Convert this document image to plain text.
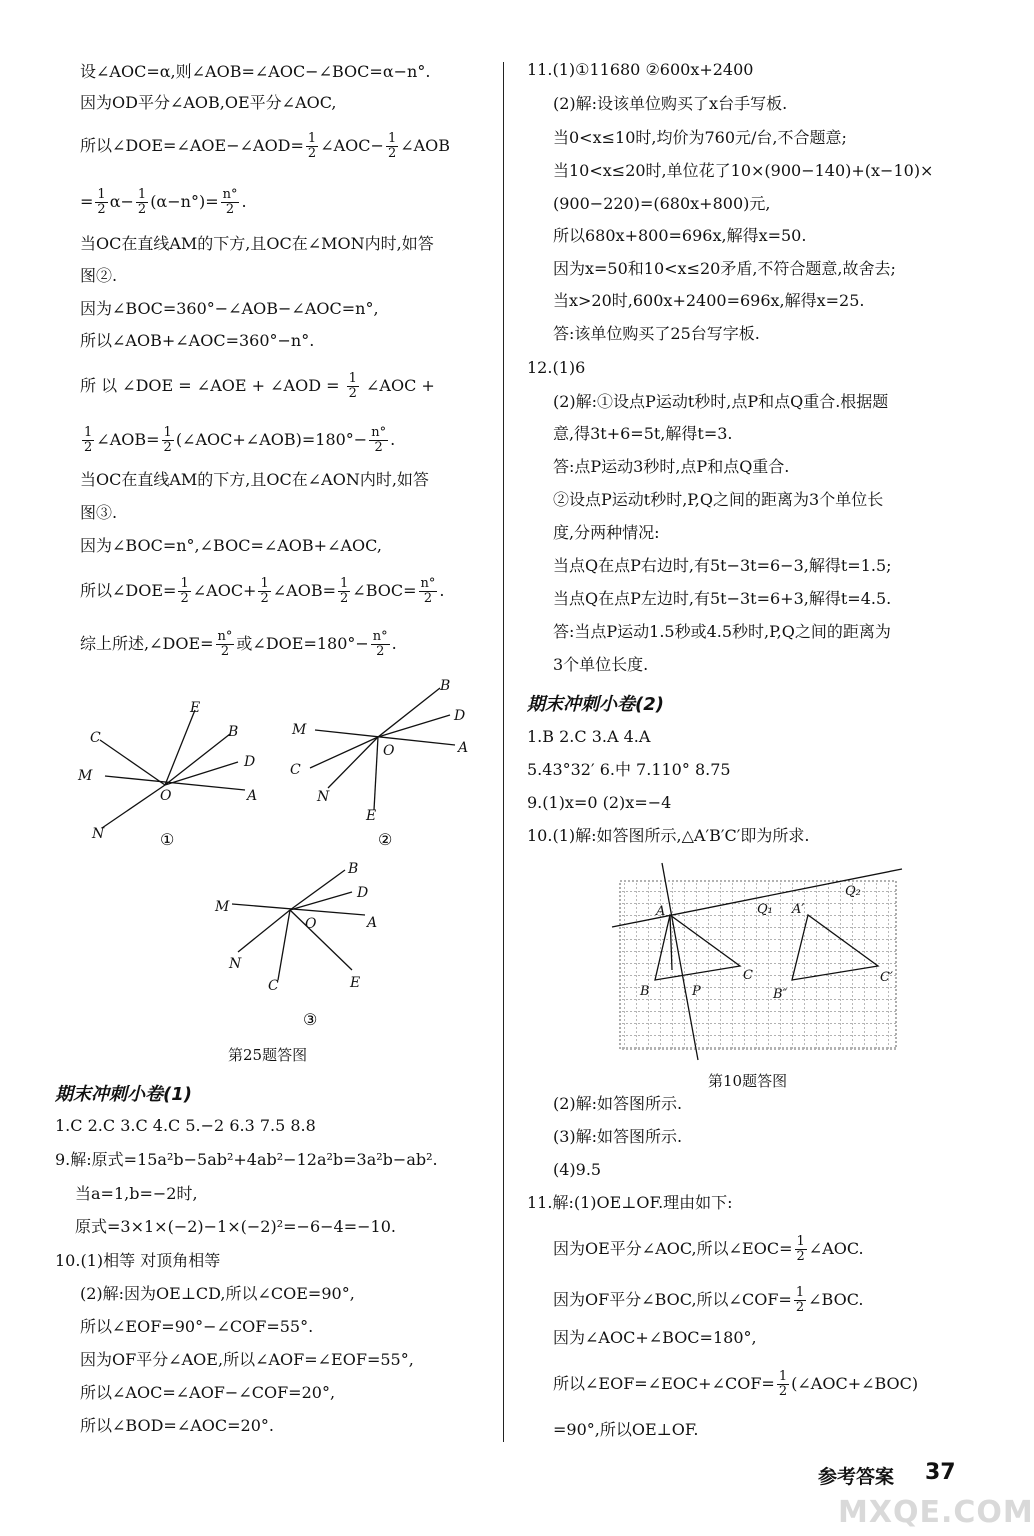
设∠AOC=α,则∠AOB=∠AOC−∠BOC=α−n°.
因为OD平分∠AOB,OE平分∠AOC,
所以∠DOE=∠AOE−∠AOD= $\frac{1}{2}$ ∠AOC− $\frac{1}{2}$ ∠AOB
= $\frac{1}{2} \alpha- \frac{1}{2} (\alpha-n^\circ)= \frac{n^\circ}{2}$ .
当OC在直线AM的下方,且OC在∠MON内时,如答
图②.
因为∠BOC=360°−∠AOB−∠AOC=n°,
所以∠AOB+∠AOC=360°−n°.
所 以 ∠DOE = ∠AOE + ∠AOD = $\frac{1}{2}$ ∠AOC +
$\frac{1}{2}$ ∠AOB= $\frac{1}{2}$ (∠AOC+∠AOB)=180°− $\frac{n^\circ}{2}$ .
当OC在直线AM的下方,且OC在∠AON内时,如答
图③.
因为∠BOC=n°,∠BOC=∠AOB+∠AOC,
所以∠DOE= $\frac{1}{2}$ ∠AOC+ $\frac{1}{2}$ ∠AOB= $\frac{1}{2}$ ∠BOC= $\frac{n^\circ}{2}$ .
综上所述,∠DOE= $\frac{n^\circ}{2}$ 或∠DOE=180°− $\frac{n^\circ}{2}$ .
C
M
E
B
D
A
O
N	①
M
B
D
A
O
C
N
E
②
M
B
D
A
O
N
C	E
③
第25题答图
期末冲刺小卷(1)
1.C 2.C 3.C 4.C 5.−2 6.3 7.5 8.8
9.解:原式=15a²b−5ab²+4ab²−12a²b=3a²b−ab².
当a=1,b=−2时,
原式=3×1×(−2)−1×(−2)²=−6−4=−10.
10.(1)相等 对顶角相等
(2)解:因为OE⊥CD,所以∠COE=90°,
所以∠EOF=90°−∠COF=55°.
因为OF平分∠AOE,所以∠AOF=∠EOF=55°,
所以∠AOC=∠AOF−∠COF=20°,
所以∠BOD=∠AOC=20°.
11.(1)①11680 ②600x+2400
(2)解:设该单位购买了x台手写板.
当0<x≤10时,均价为760元/台,不合题意;
当10<x≤20时,单位花了10×(900−140)+(x−10)×
(900−220)=(680x+800)元,
所以680x+800=696x,解得x=50.
因为x=50和10<x≤20矛盾,不符合题意,故舍去;
当x>20时,600x+2400=696x,解得x=25.
答:该单位购买了25台写字板.
12.(1)6
(2)解:①设点P运动t秒时,点P和点Q重合.根据题
意,得3t+6=5t,解得t=3.
答:点P运动3秒时,点P和点Q重合.
②设点P运动t秒时,P,Q之间的距离为3个单位长
度,分两种情况:
当点Q在点P右边时,有5t−3t=6−3,解得t=1.5;
当点Q在点P左边时,有5t−3t=6+3,解得t=4.5.
答:当点P运动1.5秒或4.5秒时,P,Q之间的距离为
3个单位长度.
期末冲刺小卷(2)
1.B 2.C 3.A 4.A
5.43°32′ 6.中 7.110° 8.75
9.(1)x=0 (2)x=−4
10.(1)解:如答图所示,△A′B′C′即为所求.
A
B
C
P
Q₁
Q₂
A′
B″
C′
第10题答图
(2)解:如答图所示.
(3)解:如答图所示.
(4)9.5
11.解:(1)OE⊥OF.理由如下:
因为OE平分∠AOC,所以∠EOC= $\frac{1}{2}$ ∠AOC.
因为OF平分∠BOC,所以∠COF= $\frac{1}{2}$ ∠BOC.
因为∠AOC+∠BOC=180°,
所以∠EOF=∠EOC+∠COF= $\frac{1}{2}$ (∠AOC+∠BOC)
=90°,所以OE⊥OF.
参考答案 37
MXQE.COM
